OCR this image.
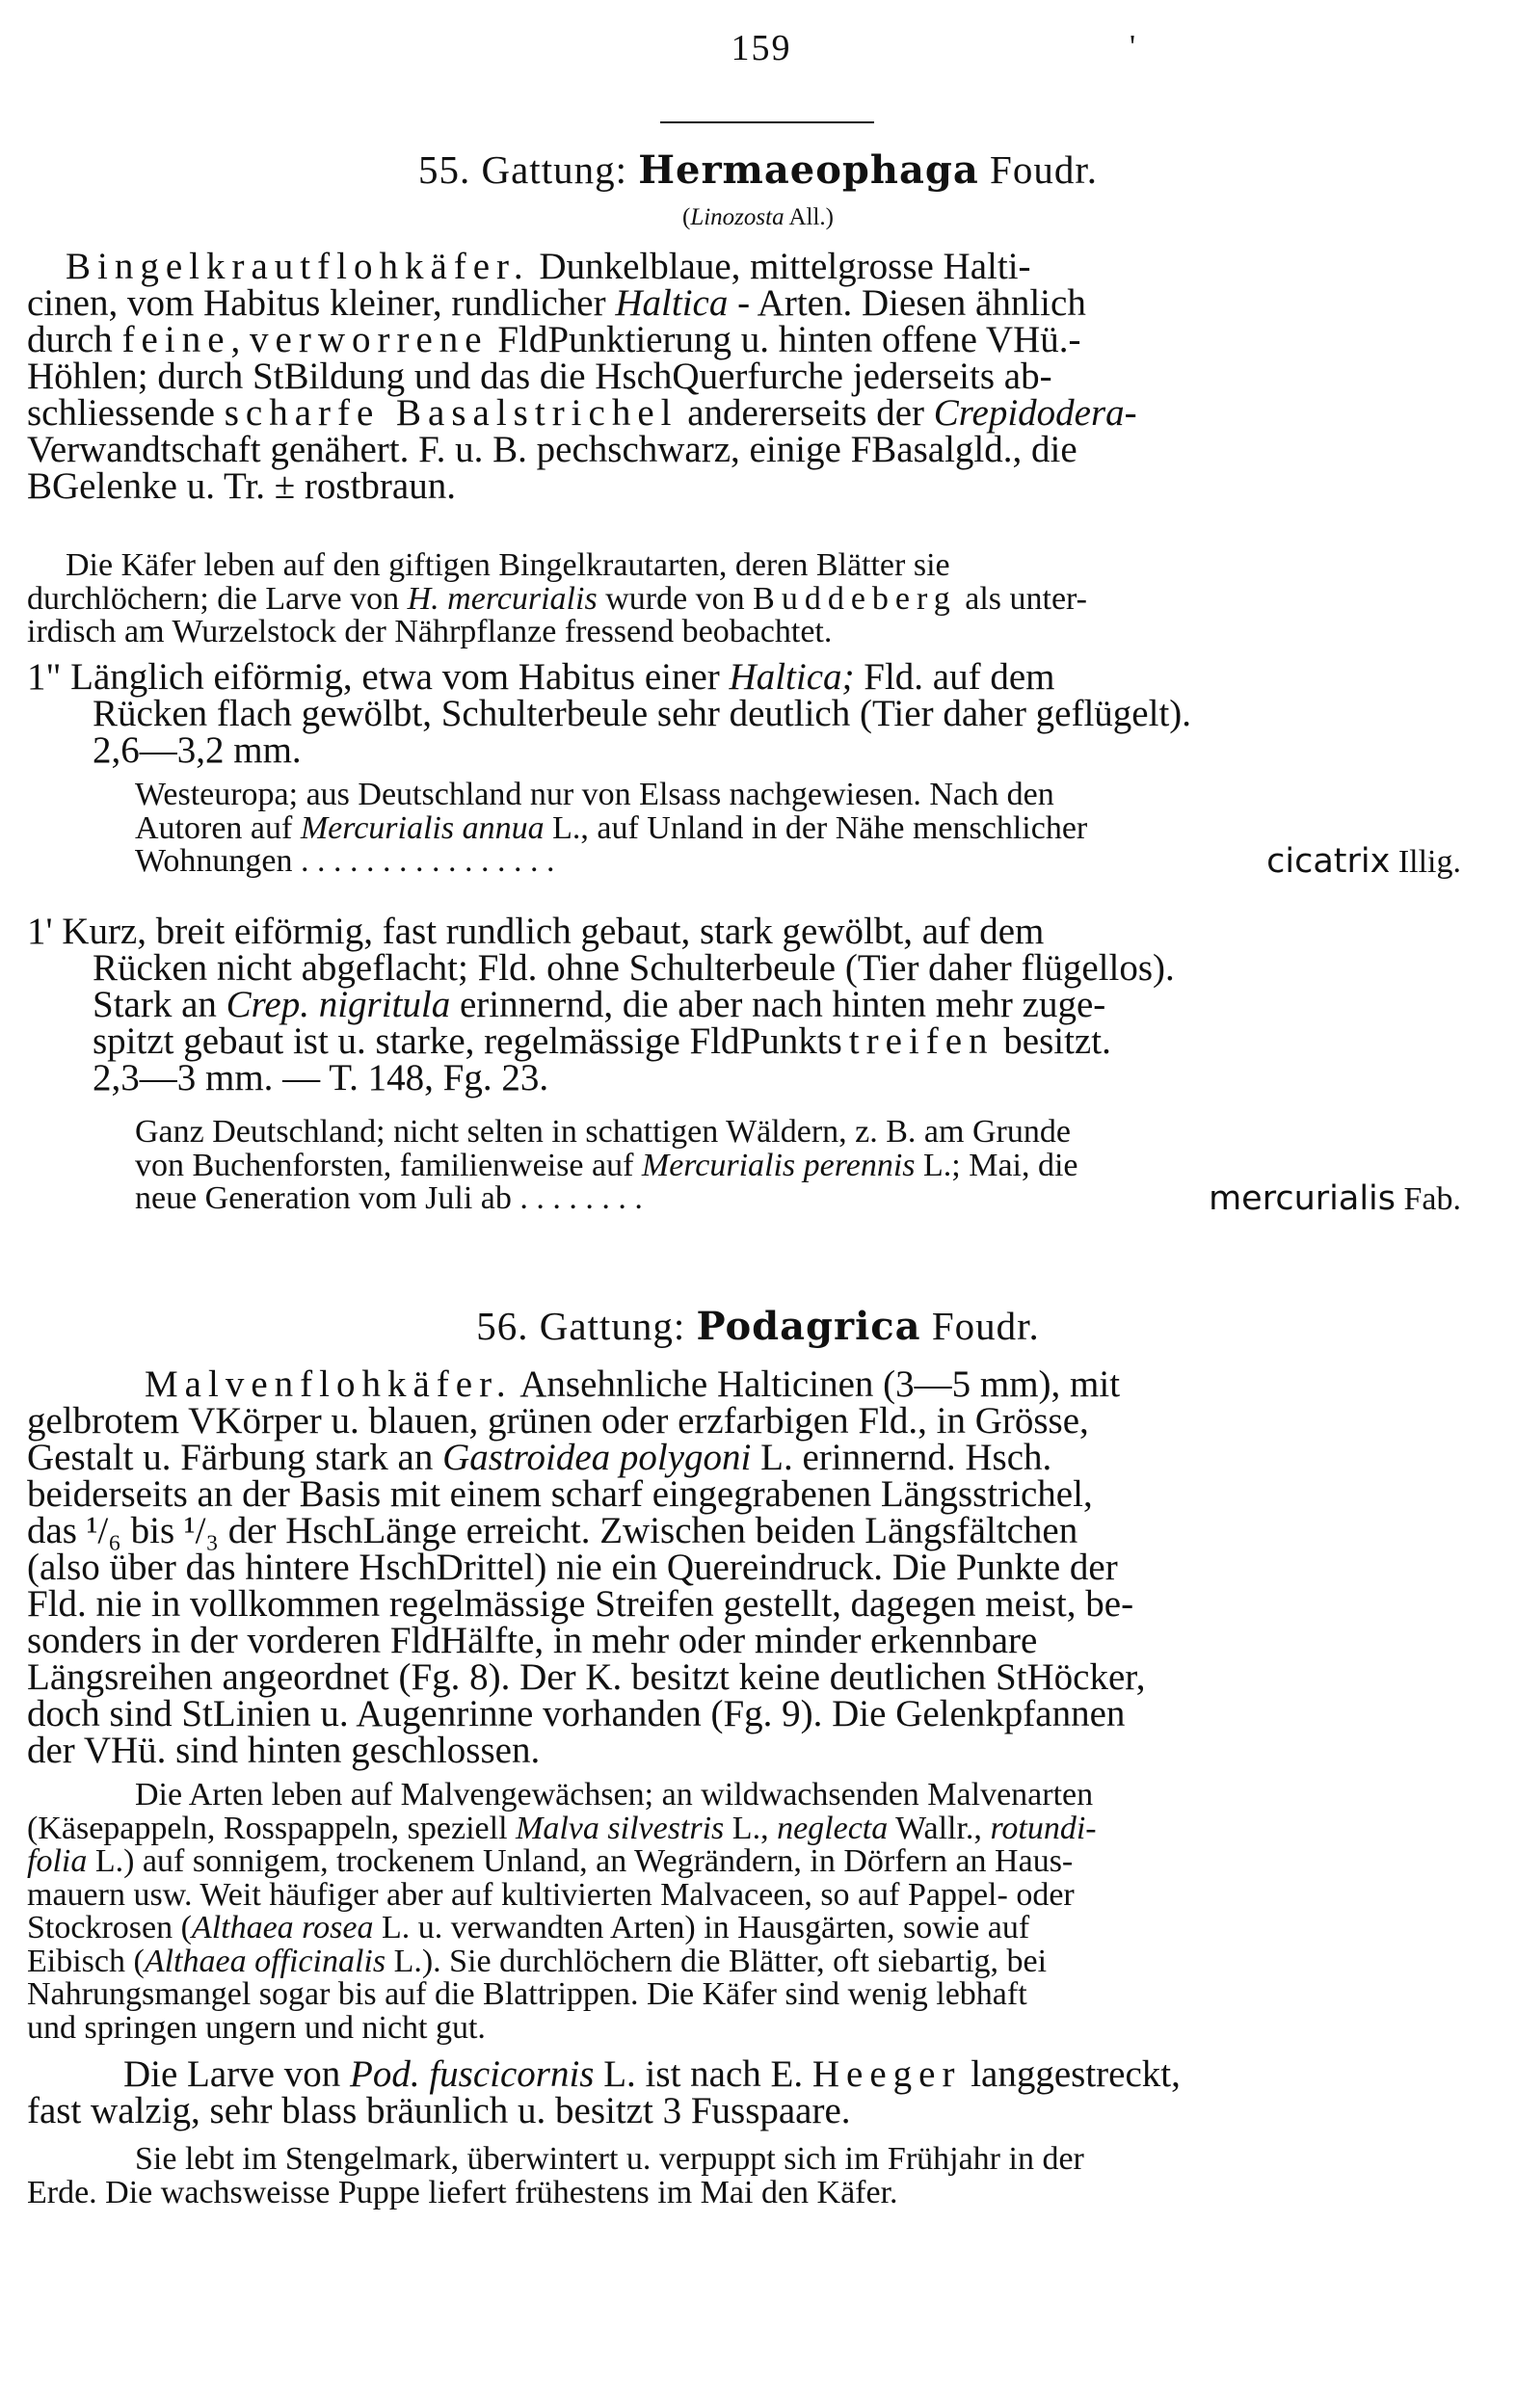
159	'
55. Gattung: Hermaeophaga Foudr.
(Linozosta All.)
Bingelkrautflohkäfer. Dunkelblaue, mittelgrosse Halti-
cinen, vom Habitus kleiner, rundlicher Haltica - Arten. Diesen ähnlich
durch feine, verworrene FldPunktierung u. hinten offene VHü.-
Höhlen; durch StBildung und das die HschQuerfurche jederseits ab-
schliessende scharfe Basalstrichel andererseits der Crepidodera-
Verwandtschaft genähert. F. u. B. pechschwarz, einige FBasalgld., die
BGelenke u. Tr. ± rostbraun.
Die Käfer leben auf den giftigen Bingelkrautarten, deren Blätter sie
durchlöchern; die Larve von H. mercurialis wurde von Buddeberg als unter-
irdisch am Wurzelstock der Nährpflanze fressend beobachtet.
1" Länglich eiförmig, etwa vom Habitus einer Haltica; Fld. auf dem
Rücken flach gewölbt, Schulterbeule sehr deutlich (Tier daher geflügelt).
2,6—3,2 mm.
Westeuropa; aus Deutschland nur von Elsass nachgewiesen. Nach den
Autoren auf Mercurialis annua L., auf Unland in der Nähe menschlicher
Wohnungen . . . . . . . . . . . . . . . .	cicatrix Illig.
1' Kurz, breit eiförmig, fast rundlich gebaut, stark gewölbt, auf dem
Rücken nicht abgeflacht; Fld. ohne Schulterbeule (Tier daher flügellos).
Stark an Crep. nigritula erinnernd, die aber nach hinten mehr zuge-
spitzt gebaut ist u. starke, regelmässige FldPunktstreifen besitzt.
2,3—3 mm. — T. 148, Fg. 23.
Ganz Deutschland; nicht selten in schattigen Wäldern, z. B. am Grunde
von Buchenforsten, familienweise auf Mercurialis perennis L.; Mai, die
neue Generation vom Juli ab . . . . . . . .	mercurialis Fab.
56. Gattung: Podagrica Foudr.
Malvenflohkäfer. Ansehnliche Halticinen (3—5 mm), mit
gelbrotem VKörper u. blauen, grünen oder erzfarbigen Fld., in Grösse,
Gestalt u. Färbung stark an Gastroidea polygoni L. erinnernd. Hsch.
beiderseits an der Basis mit einem scharf eingegrabenen Längsstrichel,
das ¹/₆ bis ¹/₃ der HschLänge erreicht. Zwischen beiden Längsfältchen
(also über das hintere HschDrittel) nie ein Quereindruck. Die Punkte der
Fld. nie in vollkommen regelmässige Streifen gestellt, dagegen meist, be-
sonders in der vorderen FldHälfte, in mehr oder minder erkennbare
Längsreihen angeordnet (Fg. 8). Der K. besitzt keine deutlichen StHöcker,
doch sind StLinien u. Augenrinne vorhanden (Fg. 9). Die Gelenkpfannen
der VHü. sind hinten geschlossen.
Die Arten leben auf Malvengewächsen; an wildwachsenden Malvenarten
(Käsepappeln, Rosspappeln, speziell Malva silvestris L., neglecta Wallr., rotundi-
folia L.) auf sonnigem, trockenem Unland, an Wegrändern, in Dörfern an Haus-
mauern usw. Weit häufiger aber auf kultivierten Malvaceen, so auf Pappel- oder
Stockrosen (Althaea rosea L. u. verwandten Arten) in Hausgärten, sowie auf
Eibisch (Althaea officinalis L.). Sie durchlöchern die Blätter, oft siebartig, bei
Nahrungsmangel sogar bis auf die Blattrippen. Die Käfer sind wenig lebhaft
und springen ungern und nicht gut.
Die Larve von Pod. fuscicornis L. ist nach E. Heeger langgestreckt,
fast walzig, sehr blass bräunlich u. besitzt 3 Fusspaare.
Sie lebt im Stengelmark, überwintert u. verpuppt sich im Frühjahr in der
Erde. Die wachsweisse Puppe liefert frühestens im Mai den Käfer.
